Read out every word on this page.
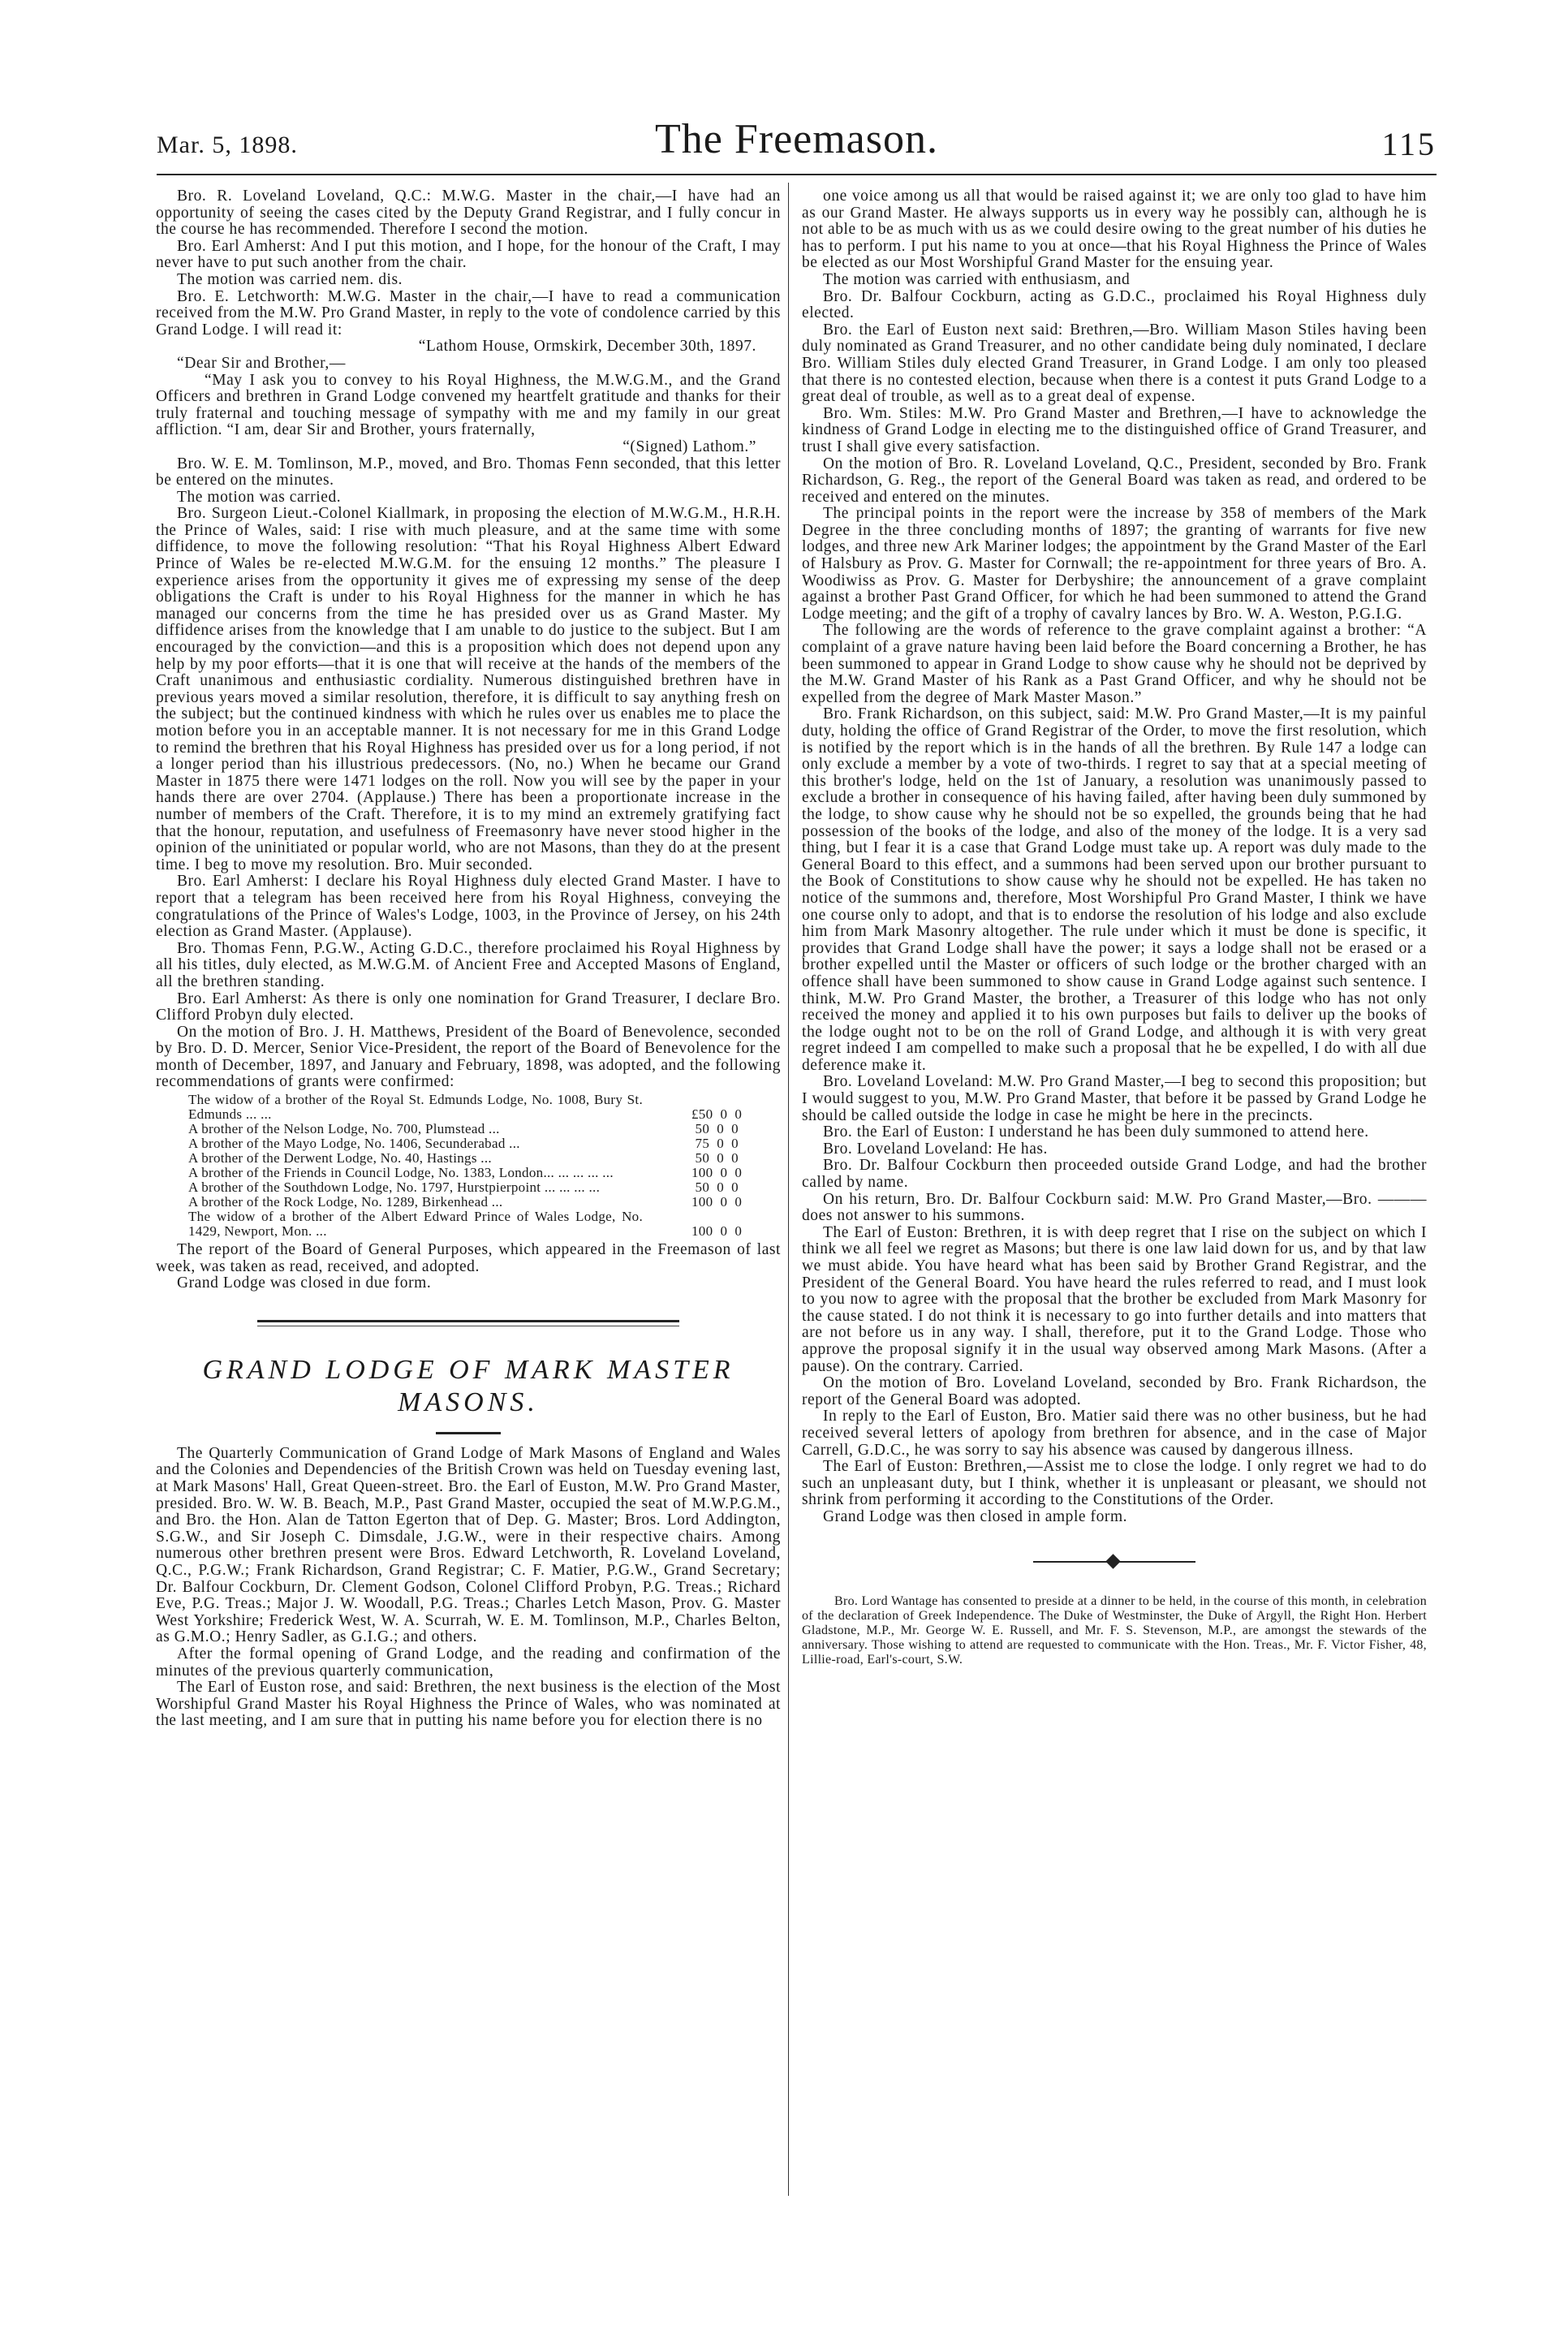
Mar. 5, 1898.	The Freemason.	115

Bro. R. Loveland Loveland, Q.C.: M.W.G. Master in the chair,—I have had an opportunity of seeing the cases cited by the Deputy Grand Registrar, and I fully concur in the course he has recommended. Therefore I second the motion.

Bro. Earl Amherst: And I put this motion, and I hope, for the honour of the Craft, I may never have to put such another from the chair.

The motion was carried nem. dis.

Bro. E. Letchworth: M.W.G. Master in the chair,—I have to read a communication received from the M.W. Pro Grand Master, in reply to the vote of condolence carried by this Grand Lodge. I will read it:

“Lathom House, Ormskirk, December 30th, 1897.

“Dear Sir and Brother,—

“May I ask you to convey to his Royal Highness, the M.W.G.M., and the Grand Officers and brethren in Grand Lodge convened my heartfelt gratitude and thanks for their truly fraternal and touching message of sympathy with me and my family in our great affliction. “I am, dear Sir and Brother, yours fraternally,

“(Signed) Lathom.”

Bro. W. E. M. Tomlinson, M.P., moved, and Bro. Thomas Fenn seconded, that this letter be entered on the minutes.

The motion was carried.

Bro. Surgeon Lieut.-Colonel Kiallmark, in proposing the election of M.W.G.M., H.R.H. the Prince of Wales, said: I rise with much pleasure, and at the same time with some diffidence, to move the following resolution: “That his Royal Highness Albert Edward Prince of Wales be re-elected M.W.G.M. for the ensuing 12 months.” The pleasure I experience arises from the opportunity it gives me of expressing my sense of the deep obligations the Craft is under to his Royal Highness for the manner in which he has managed our concerns from the time he has presided over us as Grand Master. My diffidence arises from the knowledge that I am unable to do justice to the subject. But I am encouraged by the conviction—and this is a proposition which does not depend upon any help by my poor efforts—that it is one that will receive at the hands of the members of the Craft unanimous and enthusiastic cordiality. Numerous distinguished brethren have in previous years moved a similar resolution, therefore, it is difficult to say anything fresh on the subject; but the continued kindness with which he rules over us enables me to place the motion before you in an acceptable manner. It is not necessary for me in this Grand Lodge to remind the brethren that his Royal Highness has presided over us for a long period, if not a longer period than his illustrious predecessors. (No, no.) When he became our Grand Master in 1875 there were 1471 lodges on the roll. Now you will see by the paper in your hands there are over 2704. (Applause.) There has been a proportionate increase in the number of members of the Craft. Therefore, it is to my mind an extremely gratifying fact that the honour, reputation, and usefulness of Freemasonry have never stood higher in the opinion of the uninitiated or popular world, who are not Masons, than they do at the present time. I beg to move my resolution. Bro. Muir seconded.

Bro. Earl Amherst: I declare his Royal Highness duly elected Grand Master. I have to report that a telegram has been received here from his Royal Highness, conveying the congratulations of the Prince of Wales's Lodge, 1003, in the Province of Jersey, on his 24th election as Grand Master. (Applause).

Bro. Thomas Fenn, P.G.W., Acting G.D.C., therefore proclaimed his Royal Highness by all his titles, duly elected, as M.W.G.M. of Ancient Free and Accepted Masons of England, all the brethren standing.

Bro. Earl Amherst: As there is only one nomination for Grand Treasurer, I declare Bro. Clifford Probyn duly elected.

On the motion of Bro. J. H. Matthews, President of the Board of Benevolence, seconded by Bro. D. D. Mercer, Senior Vice-President, the report of the Board of Benevolence for the month of December, 1897, and January and February, 1898, was adopted, and the following recommendations of grants were confirmed:

The widow of a brother of the Royal St. Edmunds Lodge, No. 1008, Bury St. Edmunds ... ...	£50  0  0
A brother of the Nelson Lodge, No. 700, Plumstead ...	50  0  0
A brother of the Mayo Lodge, No. 1406, Secunderabad ...	75  0  0
A brother of the Derwent Lodge, No. 40, Hastings ...	50  0  0
A brother of the Friends in Council Lodge, No. 1383, London... ... ... ... ...	100  0  0
A brother of the Southdown Lodge, No. 1797, Hurstpierpoint ... ... ... ...	50  0  0
A brother of the Rock Lodge, No. 1289, Birkenhead ...	100  0  0
The widow of a brother of the Albert Edward Prince of Wales Lodge, No. 1429, Newport, Mon. ...	100  0  0

The report of the Board of General Purposes, which appeared in the Freemason of last week, was taken as read, received, and adopted.

Grand Lodge was closed in due form.

GRAND LODGE OF MARK MASTER MASONS.

The Quarterly Communication of Grand Lodge of Mark Masons of England and Wales and the Colonies and Dependencies of the British Crown was held on Tuesday evening last, at Mark Masons' Hall, Great Queen-street. Bro. the Earl of Euston, M.W. Pro Grand Master, presided. Bro. W. W. B. Beach, M.P., Past Grand Master, occupied the seat of M.W.P.G.M., and Bro. the Hon. Alan de Tatton Egerton that of Dep. G. Master; Bros. Lord Addington, S.G.W., and Sir Joseph C. Dimsdale, J.G.W., were in their respective chairs. Among numerous other brethren present were Bros. Edward Letchworth, R. Loveland Loveland, Q.C., P.G.W.; Frank Richardson, Grand Registrar; C. F. Matier, P.G.W., Grand Secretary; Dr. Balfour Cockburn, Dr. Clement Godson, Colonel Clifford Probyn, P.G. Treas.; Richard Eve, P.G. Treas.; Major J. W. Woodall, P.G. Treas.; Charles Letch Mason, Prov. G. Master West Yorkshire; Frederick West, W. A. Scurrah, W. E. M. Tomlinson, M.P., Charles Belton, as G.M.O.; Henry Sadler, as G.I.G.; and others.

After the formal opening of Grand Lodge, and the reading and confirmation of the minutes of the previous quarterly communication,

The Earl of Euston rose, and said: Brethren, the next business is the election of the Most Worshipful Grand Master his Royal Highness the Prince of Wales, who was nominated at the last meeting, and I am sure that in putting his name before you for election there is no

one voice among us all that would be raised against it; we are only too glad to have him as our Grand Master. He always supports us in every way he possibly can, although he is not able to be as much with us as we could desire owing to the great number of his duties he has to perform. I put his name to you at once—that his Royal Highness the Prince of Wales be elected as our Most Worshipful Grand Master for the ensuing year.

The motion was carried with enthusiasm, and

Bro. Dr. Balfour Cockburn, acting as G.D.C., proclaimed his Royal Highness duly elected.

Bro. the Earl of Euston next said: Brethren,—Bro. William Mason Stiles having been duly nominated as Grand Treasurer, and no other candidate being duly nominated, I declare Bro. William Stiles duly elected Grand Treasurer, in Grand Lodge. I am only too pleased that there is no contested election, because when there is a contest it puts Grand Lodge to a great deal of trouble, as well as to a great deal of expense.

Bro. Wm. Stiles: M.W. Pro Grand Master and Brethren,—I have to acknowledge the kindness of Grand Lodge in electing me to the distinguished office of Grand Treasurer, and trust I shall give every satisfaction.

On the motion of Bro. R. Loveland Loveland, Q.C., President, seconded by Bro. Frank Richardson, G. Reg., the report of the General Board was taken as read, and ordered to be received and entered on the minutes.

The principal points in the report were the increase by 358 of members of the Mark Degree in the three concluding months of 1897; the granting of warrants for five new lodges, and three new Ark Mariner lodges; the appointment by the Grand Master of the Earl of Halsbury as Prov. G. Master for Cornwall; the re-appointment for three years of Bro. A. Woodiwiss as Prov. G. Master for Derbyshire; the announcement of a grave complaint against a brother Past Grand Officer, for which he had been summoned to attend the Grand Lodge meeting; and the gift of a trophy of cavalry lances by Bro. W. A. Weston, P.G.I.G.

The following are the words of reference to the grave complaint against a brother: “A complaint of a grave nature having been laid before the Board concerning a Brother, he has been summoned to appear in Grand Lodge to show cause why he should not be deprived by the M.W. Grand Master of his Rank as a Past Grand Officer, and why he should not be expelled from the degree of Mark Master Mason.”

Bro. Frank Richardson, on this subject, said: M.W. Pro Grand Master,—It is my painful duty, holding the office of Grand Registrar of the Order, to move the first resolution, which is notified by the report which is in the hands of all the brethren. By Rule 147 a lodge can only exclude a member by a vote of two-thirds. I regret to say that at a special meeting of this brother's lodge, held on the 1st of January, a resolution was unanimously passed to exclude a brother in consequence of his having failed, after having been duly summoned by the lodge, to show cause why he should not be so expelled, the grounds being that he had possession of the books of the lodge, and also of the money of the lodge. It is a very sad thing, but I fear it is a case that Grand Lodge must take up. A report was duly made to the General Board to this effect, and a summons had been served upon our brother pursuant to the Book of Constitutions to show cause why he should not be expelled. He has taken no notice of the summons and, therefore, Most Worshipful Pro Grand Master, I think we have one course only to adopt, and that is to endorse the resolution of his lodge and also exclude him from Mark Masonry altogether. The rule under which it must be done is specific, it provides that Grand Lodge shall have the power; it says a lodge shall not be erased or a brother expelled until the Master or officers of such lodge or the brother charged with an offence shall have been summoned to show cause in Grand Lodge against such sentence. I think, M.W. Pro Grand Master, the brother, a Treasurer of this lodge who has not only received the money and applied it to his own purposes but fails to deliver up the books of the lodge ought not to be on the roll of Grand Lodge, and although it is with very great regret indeed I am compelled to make such a proposal that he be expelled, I do with all due deference make it.

Bro. Loveland Loveland: M.W. Pro Grand Master,—I beg to second this proposition; but I would suggest to you, M.W. Pro Grand Master, that before it be passed by Grand Lodge he should be called outside the lodge in case he might be here in the precincts.

Bro. the Earl of Euston: I understand he has been duly summoned to attend here.

Bro. Loveland Loveland: He has.

Bro. Dr. Balfour Cockburn then proceeded outside Grand Lodge, and had the brother called by name.

On his return, Bro. Dr. Balfour Cockburn said: M.W. Pro Grand Master,—Bro. ——— does not answer to his summons.

The Earl of Euston: Brethren, it is with deep regret that I rise on the subject on which I think we all feel we regret as Masons; but there is one law laid down for us, and by that law we must abide. You have heard what has been said by Brother Grand Registrar, and the President of the General Board. You have heard the rules referred to read, and I must look to you now to agree with the proposal that the brother be excluded from Mark Masonry for the cause stated. I do not think it is necessary to go into further details and into matters that are not before us in any way. I shall, therefore, put it to the Grand Lodge. Those who approve the proposal signify it in the usual way observed among Mark Masons. (After a pause). On the contrary. Carried.

On the motion of Bro. Loveland Loveland, seconded by Bro. Frank Richardson, the report of the General Board was adopted.

In reply to the Earl of Euston, Bro. Matier said there was no other business, but he had received several letters of apology from brethren for absence, and in the case of Major Carrell, G.D.C., he was sorry to say his absence was caused by dangerous illness.

The Earl of Euston: Brethren,—Assist me to close the lodge. I only regret we had to do such an unpleasant duty, but I think, whether it is unpleasant or pleasant, we should not shrink from performing it according to the Constitutions of the Order.

Grand Lodge was then closed in ample form.

Bro. Lord Wantage has consented to preside at a dinner to be held, in the course of this month, in celebration of the declaration of Greek Independence. The Duke of Westminster, the Duke of Argyll, the Right Hon. Herbert Gladstone, M.P., Mr. George W. E. Russell, and Mr. F. S. Stevenson, M.P., are amongst the stewards of the anniversary. Those wishing to attend are requested to communicate with the Hon. Treas., Mr. F. Victor Fisher, 48, Lillie-road, Earl's-court, S.W.
